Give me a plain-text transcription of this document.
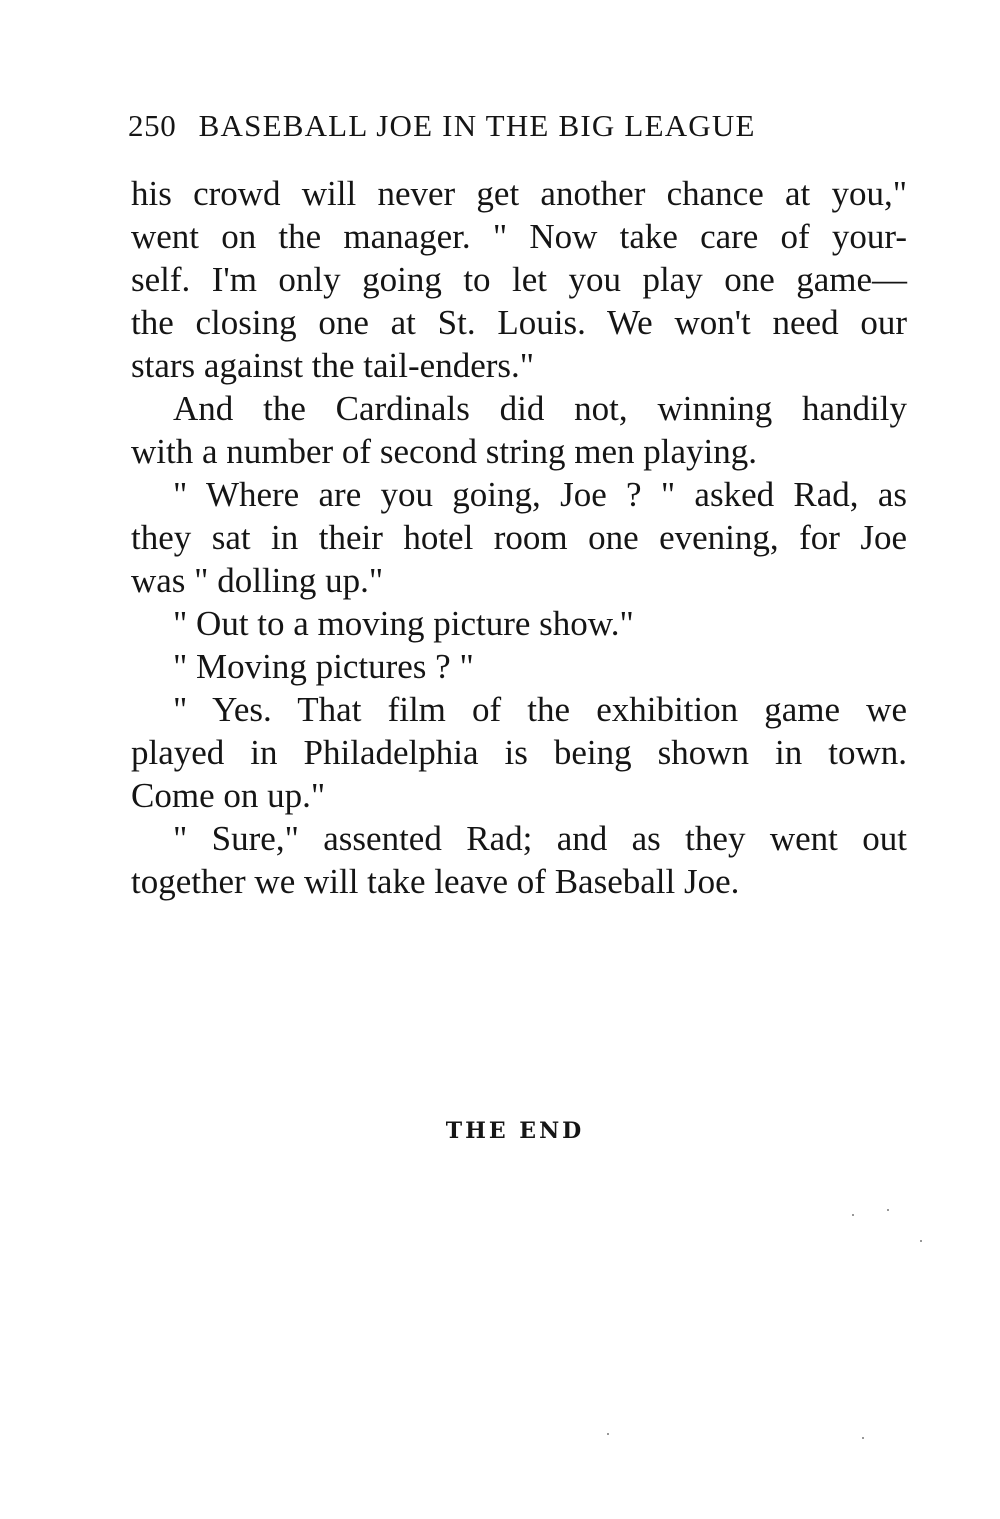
250 BASEBALL JOE IN THE BIG LEAGUE
his crowd will never get another chance at you,"
went on the manager. " Now take care of your-
self. I'm only going to let you play one game—
the closing one at St. Louis. We won't need our
stars against the tail-enders."
And the Cardinals did not, winning handily
with a number of second string men playing.
" Where are you going, Joe ? " asked Rad, as
they sat in their hotel room one evening, for Joe
was " dolling up."
" Out to a moving picture show."
" Moving pictures ? "
" Yes. That film of the exhibition game we
played in Philadelphia is being shown in town.
Come on up."
" Sure," assented Rad; and as they went out
together we will take leave of Baseball Joe.
THE END
